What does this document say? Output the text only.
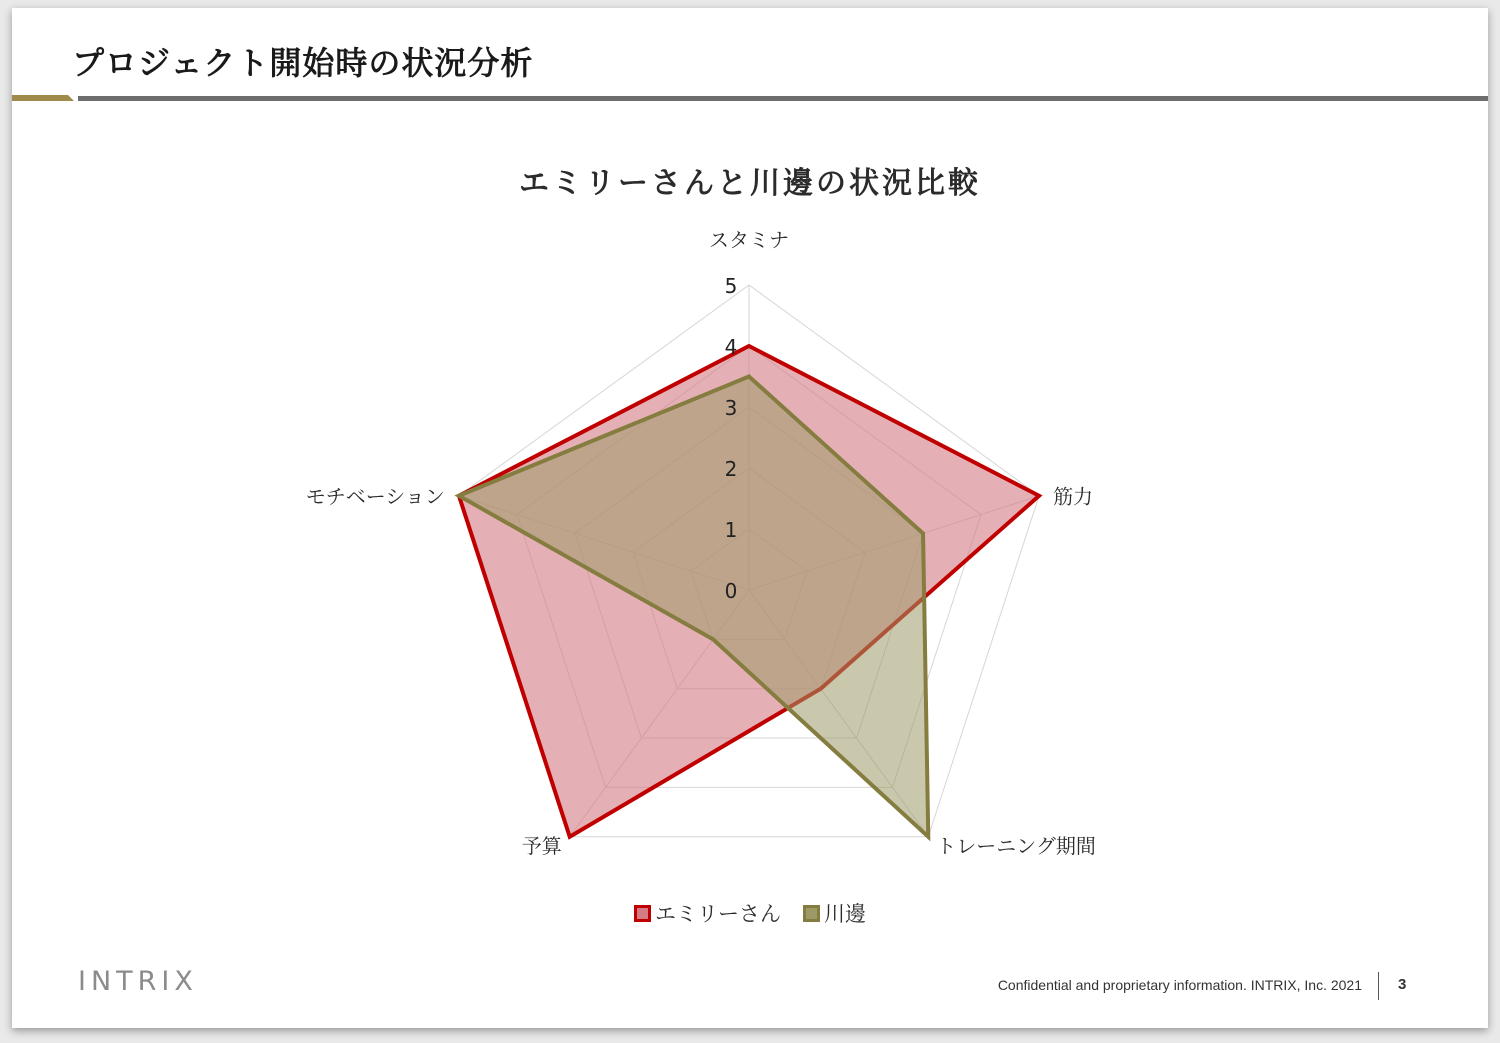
プロジェクト開始時の状況分析
エミリーさんと川邊の状況比較
0
1
2
3
4
5
スタミナ
筋力
トレーニング期間
予算
モチベーション
エミリーさん 川邊
INTRIX	Confidential and proprietary information. INTRIX, Inc. 2021 3
